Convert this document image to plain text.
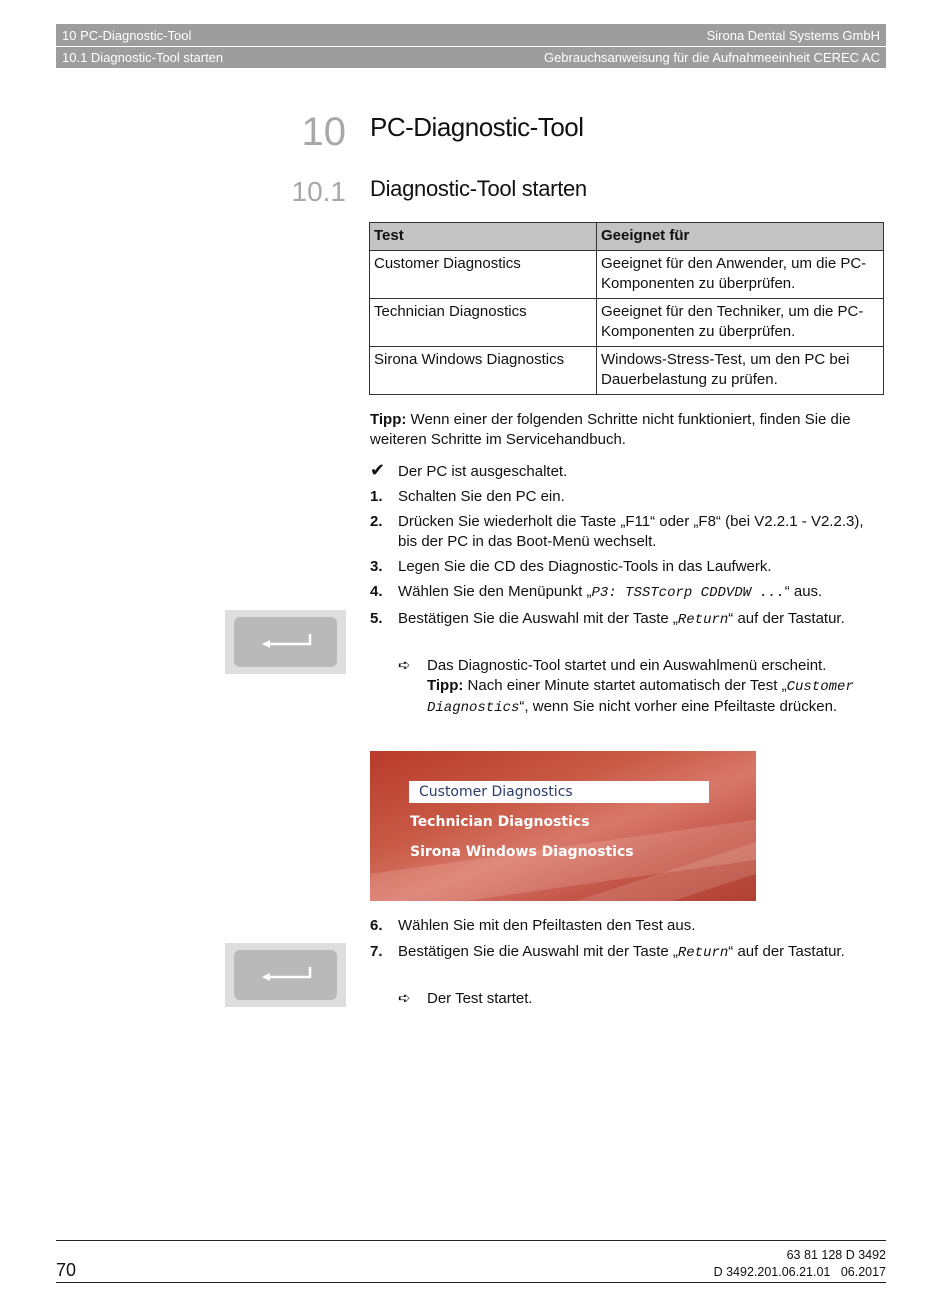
10 PC-Diagnostic-Tool	Sirona Dental Systems GmbH
10.1 Diagnostic-Tool starten	Gebrauchsanweisung für die Aufnahmeeinheit CEREC AC
10 PC-Diagnostic-Tool
10.1 Diagnostic-Tool starten
Test	Geeignet für
Customer Diagnostics	Geeignet für den Anwender, um die PC-Komponenten zu überprüfen.
Technician Diagnostics	Geeignet für den Techniker, um die PC-Komponenten zu überprüfen.
Sirona Windows Diagnostics	Windows-Stress-Test, um den PC bei Dauerbelastung zu prüfen.
Tipp: Wenn einer der folgenden Schritte nicht funktioniert, finden Sie die weiteren Schritte im Servicehandbuch.
✔ Der PC ist ausgeschaltet.
1. Schalten Sie den PC ein.
2. Drücken Sie wiederholt die Taste „F11“ oder „F8“ (bei V2.2.1 - V2.2.3), bis der PC in das Boot-Menü wechselt.
3. Legen Sie die CD des Diagnostic-Tools in das Laufwerk.
4. Wählen Sie den Menüpunkt „P3: TSSTcorp CDDVDW ...“ aus.
5. Bestätigen Sie die Auswahl mit der Taste „Return“ auf der Tastatur.
➪ Das Diagnostic-Tool startet und ein Auswahlmenü erscheint.
Tipp: Nach einer Minute startet automatisch der Test „Customer Diagnostics“, wenn Sie nicht vorher eine Pfeiltaste drücken.
Customer Diagnostics
Technician Diagnostics
Sirona Windows Diagnostics
6. Wählen Sie mit den Pfeiltasten den Test aus.
7. Bestätigen Sie die Auswahl mit der Taste „Return“ auf der Tastatur.
➪ Der Test startet.
70
63 81 128 D 3492
D 3492.201.06.21.01 06.2017
